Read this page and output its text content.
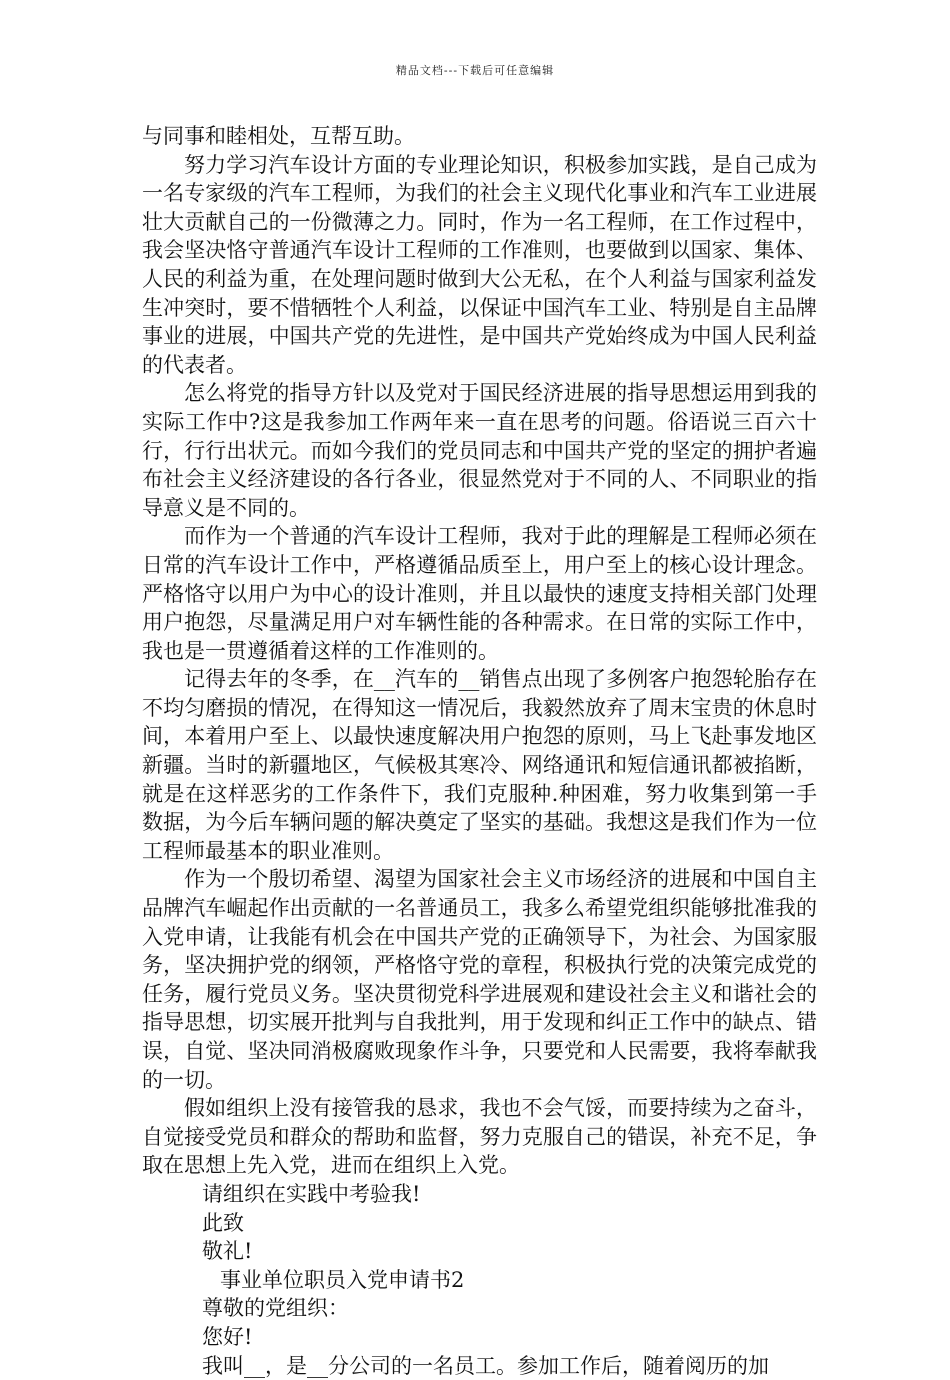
精品文档---下载后可任意编辑

与同事和睦相处，互帮互助。

努力学习汽车设计方面的专业理论知识，积极参加实践，是自己成为一名专家级的汽车工程师，为我们的社会主义现代化事业和汽车工业进展壮大贡献自己的一份微薄之力。同时，作为一名工程师，在工作过程中，我会坚决恪守普通汽车设计工程师的工作准则，也要做到以国家、集体、人民的利益为重，在处理问题时做到大公无私，在个人利益与国家利益发生冲突时，要不惜牺牲个人利益，以保证中国汽车工业、特别是自主品牌事业的进展，中国共产党的先进性，是中国共产党始终成为中国人民利益的代表者。

怎么将党的指导方针以及党对于国民经济进展的指导思想运用到我的实际工作中?这是我参加工作两年来一直在思考的问题。俗语说三百六十行，行行出状元。而如今我们的党员同志和中国共产党的坚定的拥护者遍布社会主义经济建设的各行各业，很显然党对于不同的人、不同职业的指导意义是不同的。

而作为一个普通的汽车设计工程师，我对于此的理解是工程师必须在日常的汽车设计工作中，严格遵循品质至上，用户至上的核心设计理念。严格恪守以用户为中心的设计准则，并且以最快的速度支持相关部门处理用户抱怨，尽量满足用户对车辆性能的各种需求。在日常的实际工作中，我也是一贯遵循着这样的工作准则的。

记得去年的冬季，在__汽车的__销售点出现了多例客户抱怨轮胎存在不均匀磨损的情况，在得知这一情况后，我毅然放弃了周末宝贵的休息时间，本着用户至上、以最快速度解决用户抱怨的原则，马上飞赴事发地区新疆。当时的新疆地区，气候极其寒冷、网络通讯和短信通讯都被掐断，就是在这样恶劣的工作条件下，我们克服种.种困难，努力收集到第一手数据，为今后车辆问题的解决奠定了坚实的基础。我想这是我们作为一位工程师最基本的职业准则。

作为一个殷切希望、渴望为国家社会主义市场经济的进展和中国自主品牌汽车崛起作出贡献的一名普通员工，我多么希望党组织能够批准我的入党申请，让我能有机会在中国共产党的正确领导下，为社会、为国家服务，坚决拥护党的纲领，严格恪守党的章程，积极执行党的决策完成党的任务，履行党员义务。坚决贯彻党科学进展观和建设社会主义和谐社会的指导思想，切实展开批判与自我批判，用于发现和纠正工作中的缺点、错误，自觉、坚决同消极腐败现象作斗争，只要党和人民需要，我将奉献我的一切。

假如组织上没有接管我的恳求，我也不会气馁，而要持续为之奋斗，自觉接受党员和群众的帮助和监督，努力克服自己的错误，补充不足，争取在思想上先入党，进而在组织上入党。

请组织在实践中考验我!

此致

敬礼!

事业单位职员入党申请书2

尊敬的党组织：

您好!

我叫__，是__分公司的一名员工。参加工作后，随着阅历的加
